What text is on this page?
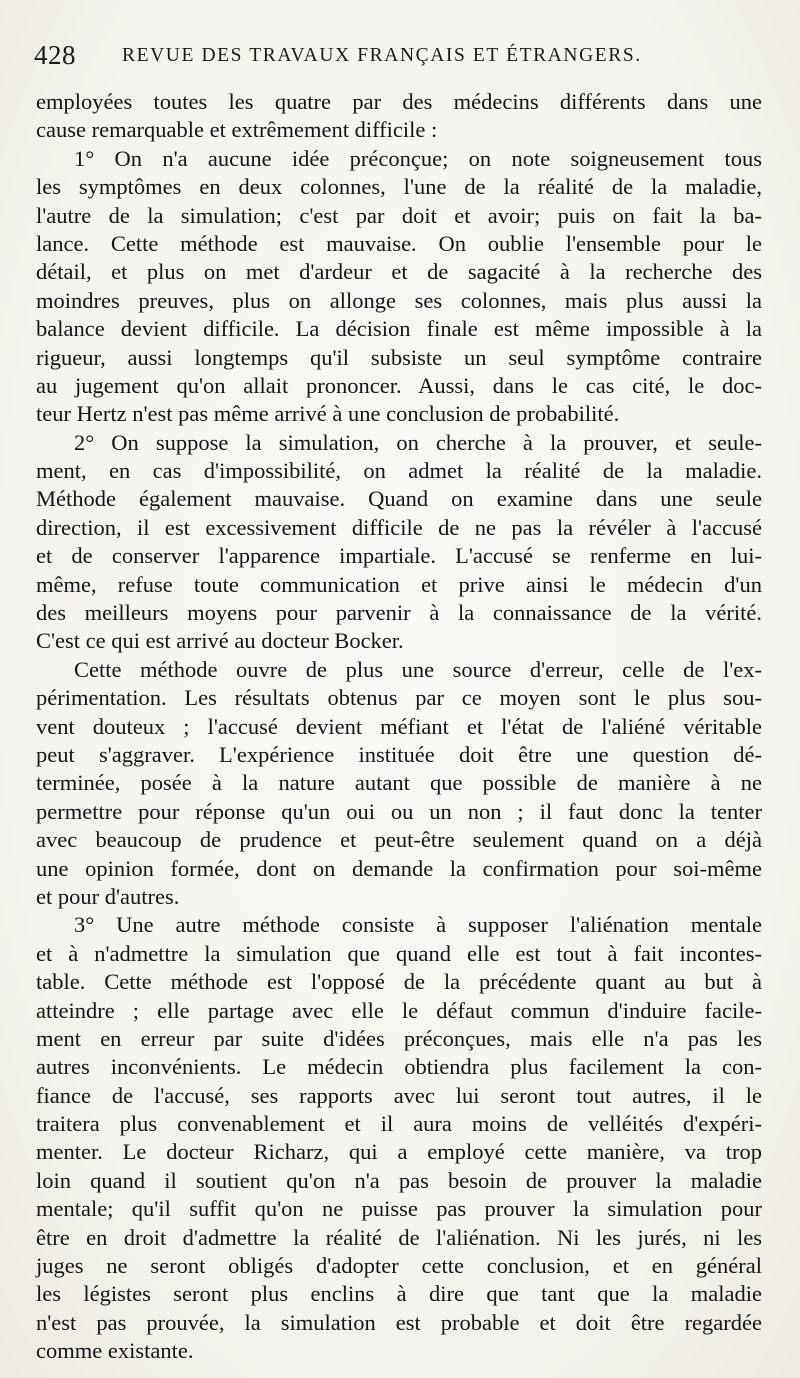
428 REVUE DES TRAVAUX FRANÇAIS ET ÉTRANGERS.
employées toutes les quatre par des médecins différents dans une
cause remarquable et extrêmement difficile :
1° On n'a aucune idée préconçue; on note soigneusement tous
les symptômes en deux colonnes, l'une de la réalité de la maladie,
l'autre de la simulation; c'est par doit et avoir; puis on fait la ba-
lance. Cette méthode est mauvaise. On oublie l'ensemble pour le
détail, et plus on met d'ardeur et de sagacité à la recherche des
moindres preuves, plus on allonge ses colonnes, mais plus aussi la
balance devient difficile. La décision finale est même impossible à la
rigueur, aussi longtemps qu'il subsiste un seul symptôme contraire
au jugement qu'on allait prononcer. Aussi, dans le cas cité, le doc-
teur Hertz n'est pas même arrivé à une conclusion de probabilité.
2° On suppose la simulation, on cherche à la prouver, et seule-
ment, en cas d'impossibilité, on admet la réalité de la maladie.
Méthode également mauvaise. Quand on examine dans une seule
direction, il est excessivement difficile de ne pas la révéler à l'accusé
et de conserver l'apparence impartiale. L'accusé se renferme en lui-
même, refuse toute communication et prive ainsi le médecin d'un
des meilleurs moyens pour parvenir à la connaissance de la vérité.
C'est ce qui est arrivé au docteur Bocker.
Cette méthode ouvre de plus une source d'erreur, celle de l'ex-
périmentation. Les résultats obtenus par ce moyen sont le plus sou-
vent douteux ; l'accusé devient méfiant et l'état de l'aliéné véritable
peut s'aggraver. L'expérience instituée doit être une question dé-
terminée, posée à la nature autant que possible de manière à ne
permettre pour réponse qu'un oui ou un non ; il faut donc la tenter
avec beaucoup de prudence et peut-être seulement quand on a déjà
une opinion formée, dont on demande la confirmation pour soi-même
et pour d'autres.
3° Une autre méthode consiste à supposer l'aliénation mentale
et à n'admettre la simulation que quand elle est tout à fait incontes-
table. Cette méthode est l'opposé de la précédente quant au but à
atteindre ; elle partage avec elle le défaut commun d'induire facile-
ment en erreur par suite d'idées préconçues, mais elle n'a pas les
autres inconvénients. Le médecin obtiendra plus facilement la con-
fiance de l'accusé, ses rapports avec lui seront tout autres, il le
traitera plus convenablement et il aura moins de velléités d'expéri-
menter. Le docteur Richarz, qui a employé cette manière, va trop
loin quand il soutient qu'on n'a pas besoin de prouver la maladie
mentale; qu'il suffit qu'on ne puisse pas prouver la simulation pour
être en droit d'admettre la réalité de l'aliénation. Ni les jurés, ni les
juges ne seront obligés d'adopter cette conclusion, et en général
les légistes seront plus enclins à dire que tant que la maladie
n'est pas prouvée, la simulation est probable et doit être regardée
comme existante.
